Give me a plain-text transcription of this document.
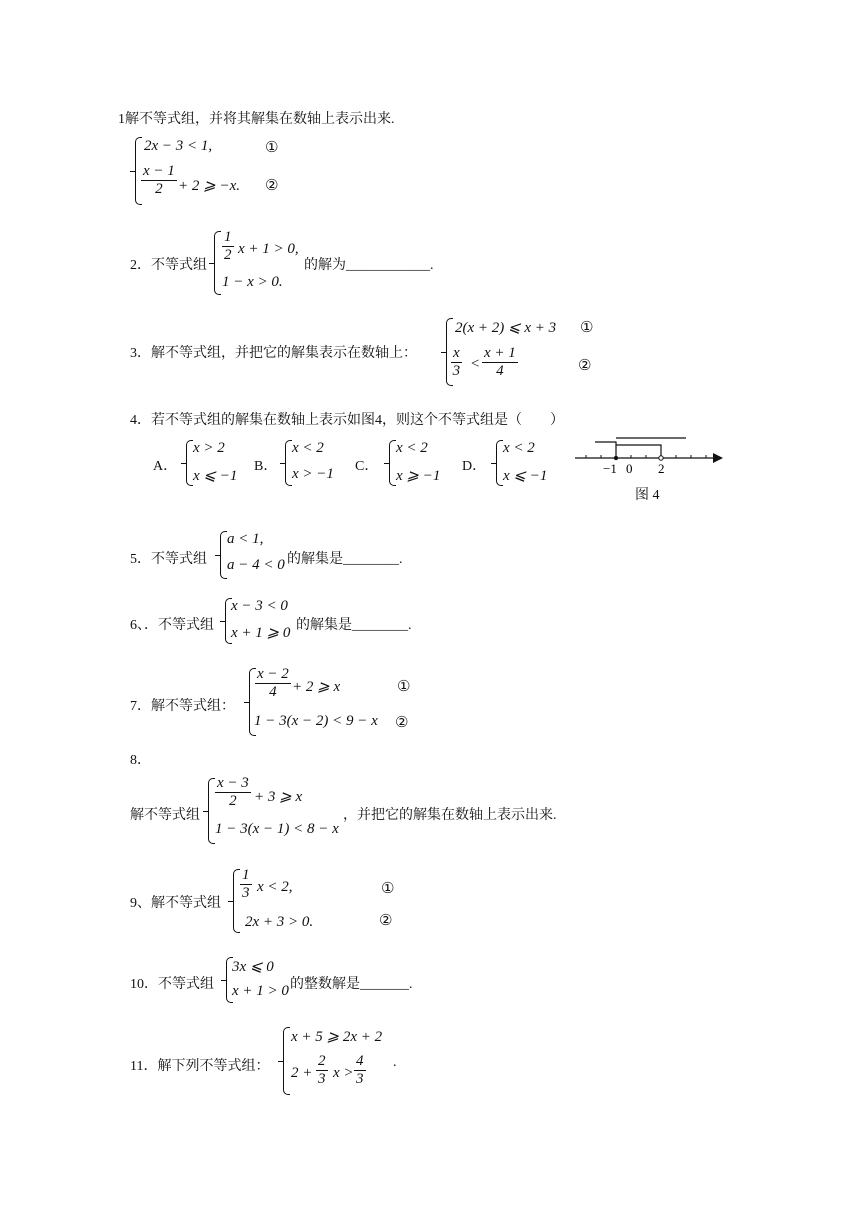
1解不等式组，并将其解集在数轴上表示出来.
2x − 3 < 1,
$\frac{x - 1}{2} + 2$ ⩾ −x.
①
②
2．不等式组
$\frac{1}{2}$ x + 1 > 0,
1 − x > 0.
的解为____________.
3．解不等式组，并把它的解集表示在数轴上：
2(x + 2) ⩽ x + 3
$\frac{x}{3} < \frac{x + 1}{4}$
①
②
4．若不等式组的解集在数轴上表示如图4，则这个不等式组是（　　）
A．
x > 2
x ⩽ −1
B．
x < 2
x > −1 C．
x < 2
x ⩾ −1
D．
x < 2
x ⩽ −1	−1 0 2
图 4
5．不等式组
a < 1,
a − 4 < 0 的解集是________.
6、．不等式组
x − 3 < 0
x + 1 ⩾ 0 的解集是________.
7．解不等式组：
$\frac{x - 2}{4} + 2$ ⩾ x
1 − 3(x − 2) < 9 − x
①
②
8．
解不等式组
$\frac{x - 3}{2} + 3$ ⩾ x
1 − 3(x − 1) < 8 − x
，并把它的解集在数轴上表示出来.
9、解不等式组
$\frac{1}{3}$ x < 2,
2x + 3 > 0.
①
②
10．不等式组
3x ⩽ 0
x + 1 > 0 的整数解是_______.
11．解下列不等式组：
x + 5 ⩾ 2x + 2
$2 + \frac{2}{3}$ $x > \frac{4}{3}$ .
